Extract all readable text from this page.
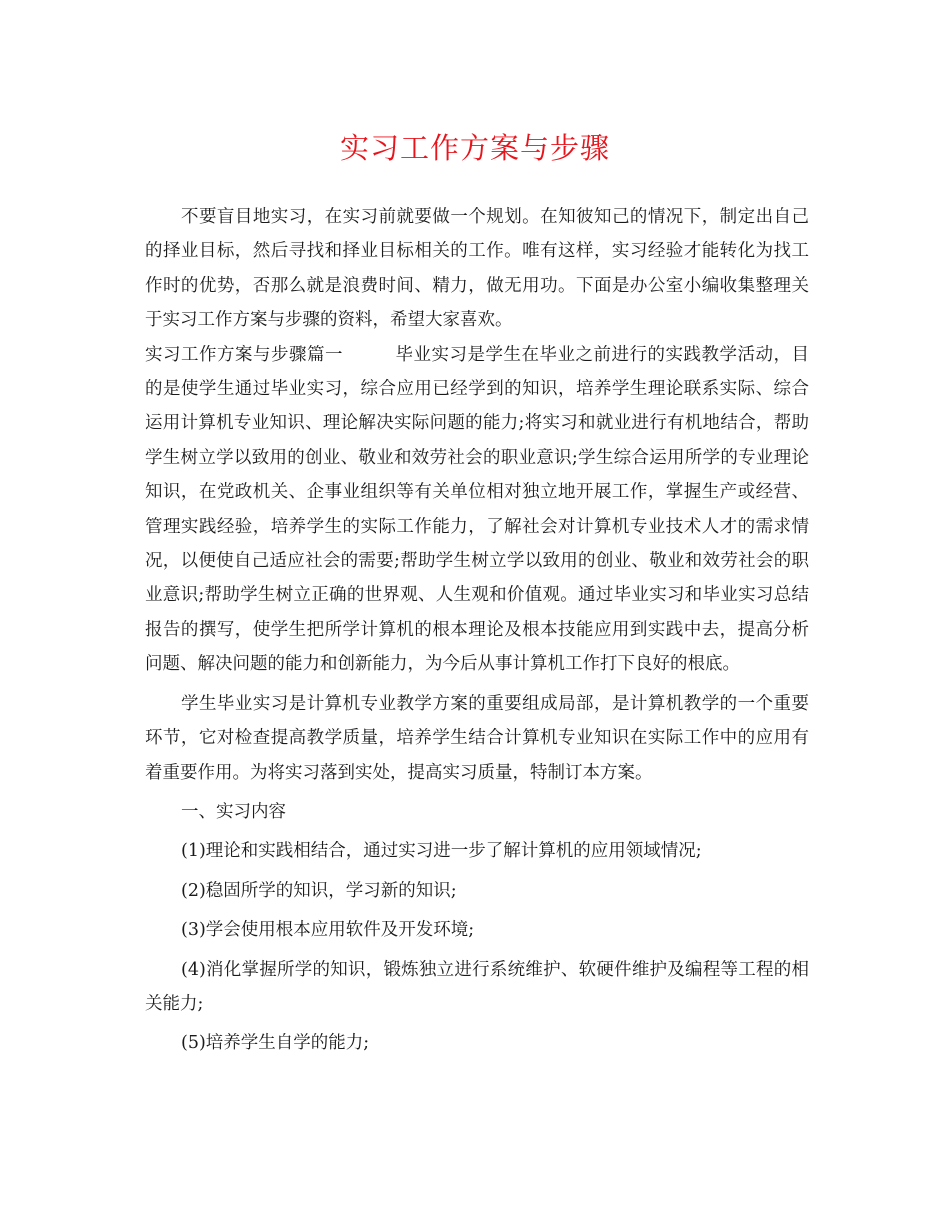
实习工作方案与步骤

不要盲目地实习，在实习前就要做一个规划。在知彼知己的情况下，制定出自己的择业目标，然后寻找和择业目标相关的工作。唯有这样，实习经验才能转化为找工作时的优势，否那么就是浪费时间、精力，做无用功。下面是办公室小编收集整理关于实习工作方案与步骤的资料，希望大家喜欢。

实习工作方案与步骤篇一	毕业实习是学生在毕业之前进行的实践教学活动，目的是使学生通过毕业实习，综合应用已经学到的知识，培养学生理论联系实际、综合运用计算机专业知识、理论解决实际问题的能力;将实习和就业进行有机地结合，帮助学生树立学以致用的创业、敬业和效劳社会的职业意识;学生综合运用所学的专业理论知识，在党政机关、企事业组织等有关单位相对独立地开展工作，掌握生产或经营、管理实践经验，培养学生的实际工作能力，了解社会对计算机专业技术人才的需求情况，以便使自己适应社会的需要;帮助学生树立学以致用的创业、敬业和效劳社会的职业意识;帮助学生树立正确的世界观、人生观和价值观。通过毕业实习和毕业实习总结报告的撰写，使学生把所学计算机的根本理论及根本技能应用到实践中去，提高分析问题、解决问题的能力和创新能力，为今后从事计算机工作打下良好的根底。

学生毕业实习是计算机专业教学方案的重要组成局部，是计算机教学的一个重要环节，它对检查提高教学质量，培养学生结合计算机专业知识在实际工作中的应用有着重要作用。为将实习落到实处，提高实习质量，特制订本方案。

一、实习内容

(1)理论和实践相结合，通过实习进一步了解计算机的应用领域情况;

(2)稳固所学的知识，学习新的知识;

(3)学会使用根本应用软件及开发环境;

(4)消化掌握所学的知识，锻炼独立进行系统维护、软硬件维护及编程等工程的相关能力;

(5)培养学生自学的能力;
